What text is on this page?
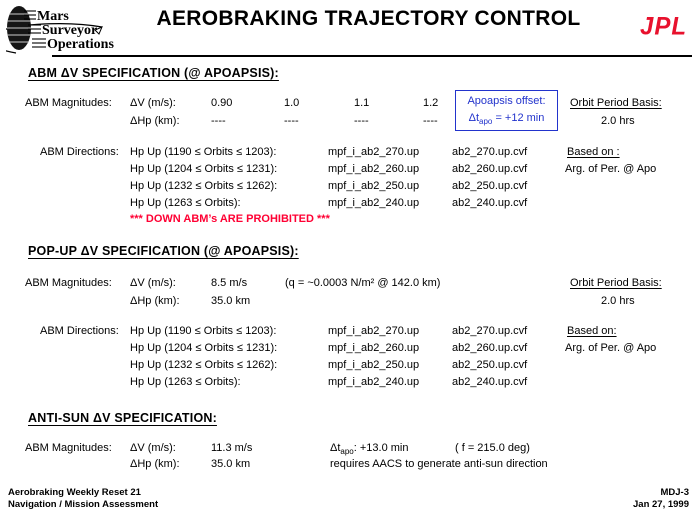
Mars
Surveyor
Operations
AEROBRAKING TRAJECTORY CONTROL	JPL
ABM ΔV SPECIFICATION (@ APOAPSIS):
ABM Magnitudes: ΔV (m/s):	0.90	1.0	1.1	1.2
ΔHp (km):	----	----	----	----
Apoapsis offset:
$\Delta t_{apo} = +12$ min
Orbit Period Basis:
2.0 hrs
ABM Directions: Hp Up (1190 ≤ Orbits ≤ 1203):	mpf_i_ab2_270.up	ab2_270.up.cvf	Based on :
Hp Up (1204 ≤ Orbits ≤ 1231):	mpf_i_ab2_260.up	ab2_260.up.cvf	Arg. of Per. @ Apo
Hp Up (1232 ≤ Orbits ≤ 1262):	mpf_i_ab2_250.up	ab2_250.up.cvf
Hp Up (1263 ≤ Orbits):	mpf_i_ab2_240.up	ab2_240.up.cvf
*** DOWN ABM’s ARE PROHIBITED ***
POP-UP ΔV SPECIFICATION (@ APOAPSIS):
ABM Magnitudes: ΔV (m/s):	8.5 m/s	(q = ~0.0003 N/m² @ 142.0 km)	Orbit Period Basis:
ΔHp (km):	35.0 km	2.0 hrs
ABM Directions: Hp Up (1190 ≤ Orbits ≤ 1203):	mpf_i_ab2_270.up	ab2_270.up.cvf	Based on:
Hp Up (1204 ≤ Orbits ≤ 1231):	mpf_i_ab2_260.up	ab2_260.up.cvf	Arg. of Per. @ Apo
Hp Up (1232 ≤ Orbits ≤ 1262):	mpf_i_ab2_250.up	ab2_250.up.cvf
Hp Up (1263 ≤ Orbits):	mpf_i_ab2_240.up	ab2_240.up.cvf
ANTI-SUN ΔV SPECIFICATION:
ABM Magnitudes: ΔV (m/s):	11.3 m/s	$\Delta t_{apo}$: +13.0 min	( f = 215.0 deg)
ΔHp (km):	35.0 km	requires AACS to generate anti-sun direction
Aerobraking Weekly Reset 21
Navigation / Mission Assessment
MDJ-3
Jan 27, 1999
